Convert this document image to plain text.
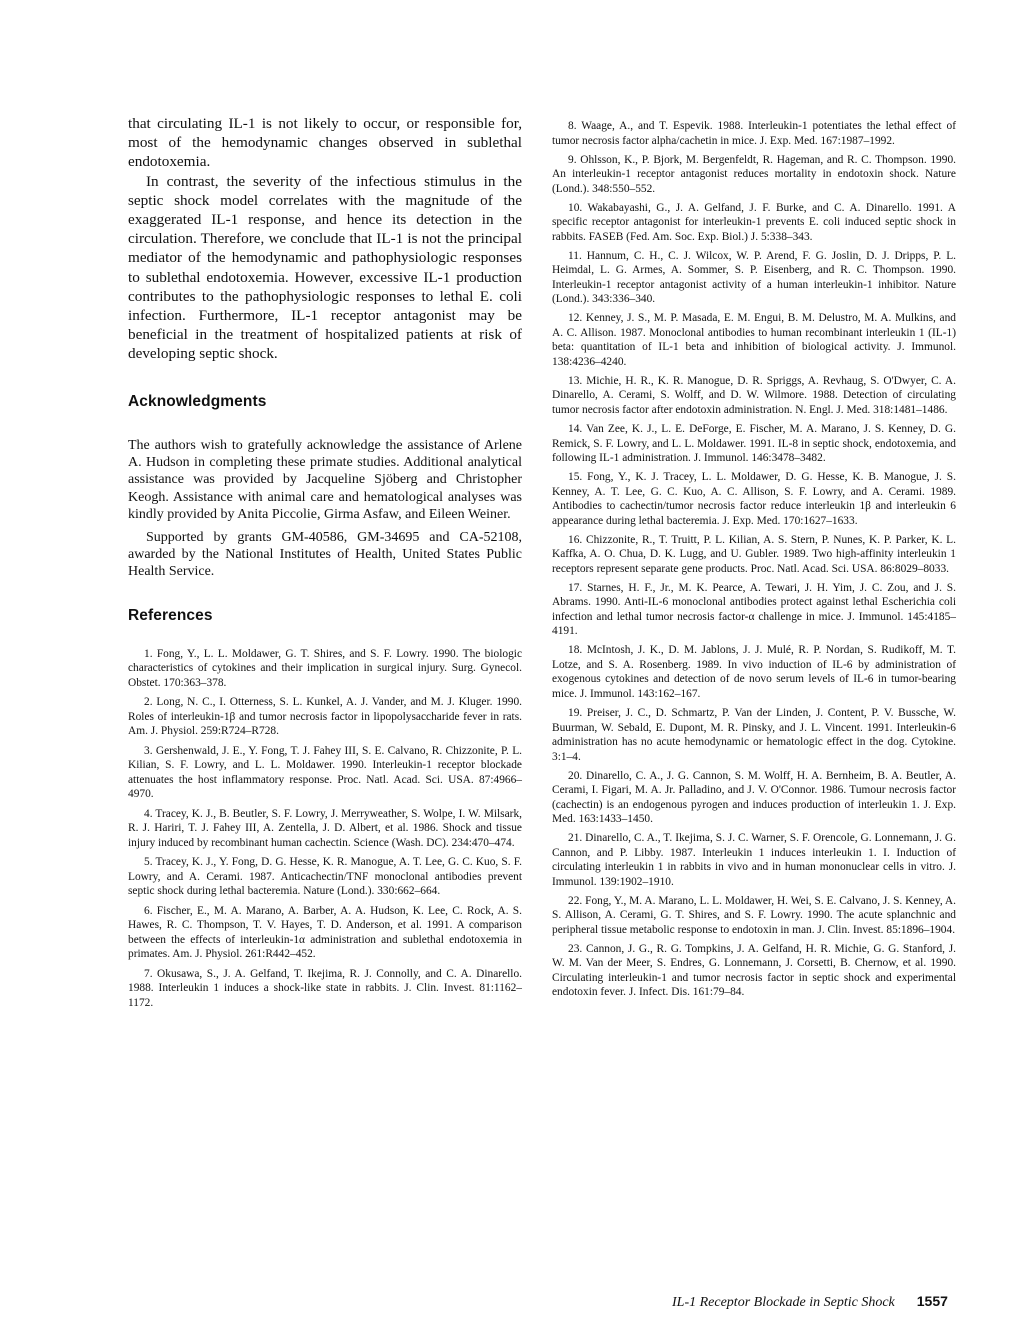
that circulating IL-1 is not likely to occur, or responsible for, most of the hemodynamic changes observed in sublethal endotoxemia.

In contrast, the severity of the infectious stimulus in the septic shock model correlates with the magnitude of the exaggerated IL-1 response, and hence its detection in the circulation. Therefore, we conclude that IL-1 is not the principal mediator of the hemodynamic and pathophysiologic responses to sublethal endotoxemia. However, excessive IL-1 production contributes to the pathophysiologic responses to lethal E. coli infection. Furthermore, IL-1 receptor antagonist may be beneficial in the treatment of hospitalized patients at risk of developing septic shock.

Acknowledgments

The authors wish to gratefully acknowledge the assistance of Arlene A. Hudson in completing these primate studies. Additional analytical assistance was provided by Jacqueline Sjöberg and Christopher Keogh. Assistance with animal care and hematological analyses was kindly provided by Anita Piccolie, Girma Asfaw, and Eileen Weiner.

Supported by grants GM-40586, GM-34695 and CA-52108, awarded by the National Institutes of Health, United States Public Health Service.

References

1. Fong, Y., L. L. Moldawer, G. T. Shires, and S. F. Lowry. 1990. The biologic characteristics of cytokines and their implication in surgical injury. Surg. Gynecol. Obstet. 170:363–378.

2. Long, N. C., I. Otterness, S. L. Kunkel, A. J. Vander, and M. J. Kluger. 1990. Roles of interleukin-1β and tumor necrosis factor in lipopolysaccharide fever in rats. Am. J. Physiol. 259:R724–R728.

3. Gershenwald, J. E., Y. Fong, T. J. Fahey III, S. E. Calvano, R. Chizzonite, P. L. Kilian, S. F. Lowry, and L. L. Moldawer. 1990. Interleukin-1 receptor blockade attenuates the host inflammatory response. Proc. Natl. Acad. Sci. USA. 87:4966–4970.

4. Tracey, K. J., B. Beutler, S. F. Lowry, J. Merryweather, S. Wolpe, I. W. Milsark, R. J. Hariri, T. J. Fahey III, A. Zentella, J. D. Albert, et al. 1986. Shock and tissue injury induced by recombinant human cachectin. Science (Wash. DC). 234:470–474.

5. Tracey, K. J., Y. Fong, D. G. Hesse, K. R. Manogue, A. T. Lee, G. C. Kuo, S. F. Lowry, and A. Cerami. 1987. Anticachectin/TNF monoclonal antibodies prevent septic shock during lethal bacteremia. Nature (Lond.). 330:662–664.

6. Fischer, E., M. A. Marano, A. Barber, A. A. Hudson, K. Lee, C. Rock, A. S. Hawes, R. C. Thompson, T. V. Hayes, T. D. Anderson, et al. 1991. A comparison between the effects of interleukin-1α administration and sublethal endotoxemia in primates. Am. J. Physiol. 261:R442–452.

7. Okusawa, S., J. A. Gelfand, T. Ikejima, R. J. Connolly, and C. A. Dinarello. 1988. Interleukin 1 induces a shock-like state in rabbits. J. Clin. Invest. 81:1162–1172.

8. Waage, A., and T. Espevik. 1988. Interleukin-1 potentiates the lethal effect of tumor necrosis factor alpha/cachetin in mice. J. Exp. Med. 167:1987–1992.

9. Ohlsson, K., P. Bjork, M. Bergenfeldt, R. Hageman, and R. C. Thompson. 1990. An interleukin-1 receptor antagonist reduces mortality in endotoxin shock. Nature (Lond.). 348:550–552.

10. Wakabayashi, G., J. A. Gelfand, J. F. Burke, and C. A. Dinarello. 1991. A specific receptor antagonist for interleukin-1 prevents E. coli induced septic shock in rabbits. FASEB (Fed. Am. Soc. Exp. Biol.) J. 5:338–343.

11. Hannum, C. H., C. J. Wilcox, W. P. Arend, F. G. Joslin, D. J. Dripps, P. L. Heimdal, L. G. Armes, A. Sommer, S. P. Eisenberg, and R. C. Thompson. 1990. Interleukin-1 receptor antagonist activity of a human interleukin-1 inhibitor. Nature (Lond.). 343:336–340.

12. Kenney, J. S., M. P. Masada, E. M. Engui, B. M. Delustro, M. A. Mulkins, and A. C. Allison. 1987. Monoclonal antibodies to human recombinant interleukin 1 (IL-1) beta: quantitation of IL-1 beta and inhibition of biological activity. J. Immunol. 138:4236–4240.

13. Michie, H. R., K. R. Manogue, D. R. Spriggs, A. Revhaug, S. O'Dwyer, C. A. Dinarello, A. Cerami, S. Wolff, and D. W. Wilmore. 1988. Detection of circulating tumor necrosis factor after endotoxin administration. N. Engl. J. Med. 318:1481–1486.

14. Van Zee, K. J., L. E. DeForge, E. Fischer, M. A. Marano, J. S. Kenney, D. G. Remick, S. F. Lowry, and L. L. Moldawer. 1991. IL-8 in septic shock, endotoxemia, and following IL-1 administration. J. Immunol. 146:3478–3482.

15. Fong, Y., K. J. Tracey, L. L. Moldawer, D. G. Hesse, K. B. Manogue, J. S. Kenney, A. T. Lee, G. C. Kuo, A. C. Allison, S. F. Lowry, and A. Cerami. 1989. Antibodies to cachectin/tumor necrosis factor reduce interleukin 1β and interleukin 6 appearance during lethal bacteremia. J. Exp. Med. 170:1627–1633.

16. Chizzonite, R., T. Truitt, P. L. Kilian, A. S. Stern, P. Nunes, K. P. Parker, K. L. Kaffka, A. O. Chua, D. K. Lugg, and U. Gubler. 1989. Two high-affinity interleukin 1 receptors represent separate gene products. Proc. Natl. Acad. Sci. USA. 86:8029–8033.

17. Starnes, H. F., Jr., M. K. Pearce, A. Tewari, J. H. Yim, J. C. Zou, and J. S. Abrams. 1990. Anti-IL-6 monoclonal antibodies protect against lethal Escherichia coli infection and lethal tumor necrosis factor-α challenge in mice. J. Immunol. 145:4185–4191.

18. McIntosh, J. K., D. M. Jablons, J. J. Mulé, R. P. Nordan, S. Rudikoff, M. T. Lotze, and S. A. Rosenberg. 1989. In vivo induction of IL-6 by administration of exogenous cytokines and detection of de novo serum levels of IL-6 in tumor-bearing mice. J. Immunol. 143:162–167.

19. Preiser, J. C., D. Schmartz, P. Van der Linden, J. Content, P. V. Bussche, W. Buurman, W. Sebald, E. Dupont, M. R. Pinsky, and J. L. Vincent. 1991. Interleukin-6 administration has no acute hemodynamic or hematologic effect in the dog. Cytokine. 3:1–4.

20. Dinarello, C. A., J. G. Cannon, S. M. Wolff, H. A. Bernheim, B. A. Beutler, A. Cerami, I. Figari, M. A. Jr. Palladino, and J. V. O'Connor. 1986. Tumour necrosis factor (cachectin) is an endogenous pyrogen and induces production of interleukin 1. J. Exp. Med. 163:1433–1450.

21. Dinarello, C. A., T. Ikejima, S. J. C. Warner, S. F. Orencole, G. Lonnemann, J. G. Cannon, and P. Libby. 1987. Interleukin 1 induces interleukin 1. I. Induction of circulating interleukin 1 in rabbits in vivo and in human mononuclear cells in vitro. J. Immunol. 139:1902–1910.

22. Fong, Y., M. A. Marano, L. L. Moldawer, H. Wei, S. E. Calvano, J. S. Kenney, A. S. Allison, A. Cerami, G. T. Shires, and S. F. Lowry. 1990. The acute splanchnic and peripheral tissue metabolic response to endotoxin in man. J. Clin. Invest. 85:1896–1904.

23. Cannon, J. G., R. G. Tompkins, J. A. Gelfand, H. R. Michie, G. G. Stanford, J. W. M. Van der Meer, S. Endres, G. Lonnemann, J. Corsetti, B. Chernow, et al. 1990. Circulating interleukin-1 and tumor necrosis factor in septic shock and experimental endotoxin fever. J. Infect. Dis. 161:79–84.

IL-1 Receptor Blockade in Septic Shock 1557
